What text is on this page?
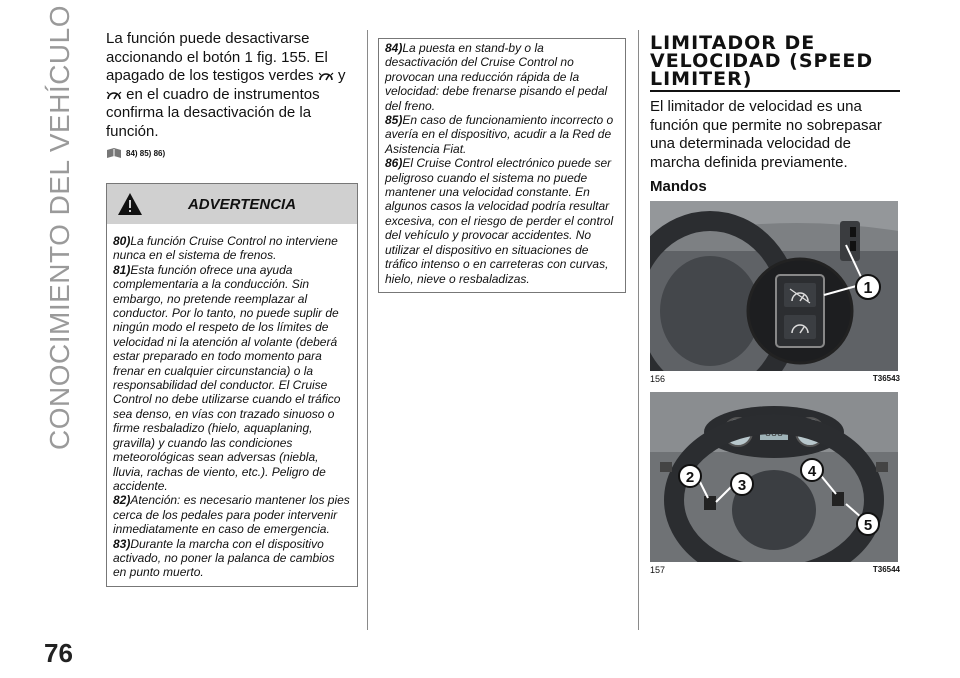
CONOCIMIENTO DEL VEHÍCULO	La función puede desactivarse accionando el botón 1 fig. 155. El apagado de los testigos verdes y
en el cuadro de instrumentos confirma la desactivación de la función.

84) 85) 86)
ADVERTENCIA

80)La función Cruise Control no interviene nunca en el sistema de frenos.

81)Esta función ofrece una ayuda complementaria a la conducción. Sin embargo, no pretende reemplazar al conductor. Por lo tanto, no puede suplir de ningún modo el respeto de los límites de velocidad ni la atención al volante (deberá estar preparado en todo momento para frenar en cualquier circunstancia) o la responsabilidad del conductor. El Cruise Control no debe utilizarse cuando el tráfico sea denso, en vías con trazado sinuoso o firme resbaladizo (hielo, aquaplaning, gravilla) y cuando las condiciones meteorológicas sean adversas (niebla, lluvia, rachas de viento, etc.). Peligro de accidente.

82)Atención: es necesario mantener los pies cerca de los pedales para poder intervenir inmediatamente en caso de emergencia.

83)Durante la marcha con el dispositivo activado, no poner la palanca de cambios en punto muerto.

84)La puesta en stand-by o la desactivación del Cruise Control no provocan una reducción rápida de la velocidad: debe frenarse pisando el pedal del freno.

85)En caso de funcionamiento incorrecto o avería en el dispositivo, acudir a la Red de Asistencia Fiat.

86)El Cruise Control electrónico puede ser peligroso cuando el sistema no puede mantener una velocidad constante. En algunos casos la velocidad podría resultar excesiva, con el riesgo de perder el control del vehículo y provocar accidentes. No utilizar el dispositivo en situaciones de tráfico intenso o en carreteras con curvas, hielo, nieve o resbaladizas.

LIMITADOR DE
VELOCIDAD (SPEED
LIMITER)

El limitador de velocidad es una función que permite no sobrepasar una determinada velocidad de marcha definida previamente.

Mandos

1
156	T36543
888
2	3
4
5
157	T36544
76
